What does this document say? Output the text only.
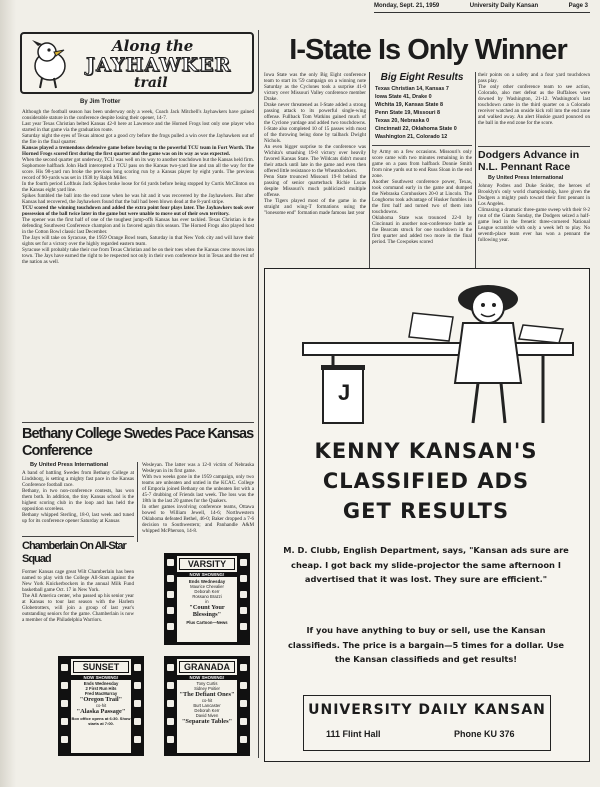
Monday, Sept. 21, 1959	University Daily Kansan	Page 3
Along the
JAYHAWKER
trail
By Jim Trotter

Although the football season has been underway only a week, Coach Jack Mitchell's Jayhawkers have gained considerable stature in the conference despite losing their opener, 14-7.

Last year Texas Christian belted Kansas 42-0 here at Lawrence and the Horned Frogs lost only one player who started in that game via the graduation route.

Saturday night the eyes of Texas almost got a good cry before the frogs pulled a win over the Jayhawkers out of the fire in the final quarter.

Kansas played a tremendous defensive game before bowing to the powerful TCU team in Fort Worth. The Horned Frogs scored first during the first quarter and the game was on its way as was expected.

When the second quarter got underway, TCU was well on its way to another touchdown but the Kansas held firm. Sophomore halfback John Hadl intercepted a TCU pass on the Kansas two-yard line and ran all the way for the score. His 98-yard run broke the previous long scoring run by a Kansas player by eight yards. The previous record of 90-yards was set in 1938 by Ralph Miller.

In the fourth period Lofthuis Jack Spikes broke loose for 64 yards before being stopped by Curtis McClinton on the Kansas eight yard line.

Spikes fumbled the ball into the end zone when he was hit and it was recovered by the Jayhawkers. But after Kansas had recovered, the Jayhawkers found that the ball had been blown dead at the 8-yard stripe.

TCU scored the winning touchdown and added the extra point four plays later. The Jayhawkers took over possession of the ball twice later in the game but were unable to move out of their own territory.

The opener was the first half of one of the toughest jump-offs Kansas has ever tackled. Texas Christian is the defending Southwest Conference champion and is favored again this season. The Horned Frogs also played host in the Cotton Bowl classic last December.

The Jays will take on Syracuse, the 1959 Orange Bowl team, Saturday in that New York city and will have their sights set for a victory over the highly regarded eastern team.

Syracuse will probably take their cue from Texas Christian and be on their toes when the Kansas crew moves into town. The Jays have earned the right to be respected not only in their own conference but in Texas and the rest of the nation as well.

Bethany College Swedes Pace Kansas Conference
By United Press International
A band of battling Swedes from Bethany College at Lindsborg, is setting a mighty fast pace in the Kansas Conference football race.
Bethany, in two non-conference contests, has won them both. In addition, the tiny Kansas school is the highest scoring club in the loop and has held the opposition scoreless.
Bethany whipped Sterling, 18-0, last week and tuned up for its conference opener Saturday at Kansas
Wesleyan. The latter was a 12-0 victim of Nebraska Wesleyan in its first game.
With two weeks gone in the 1959 campaign, only two teams are unbeaten and untied in the KCAC. College of Emporia joined Bethany on the unbeaten list with a 45-7 drubbing of Friends last week. The loss was the 18th in the last 20 games for the Quakers.
In other games involving conference teams, Ottawa bowed to William Jewell, 14-6; Northwestern Oklahoma defeated Bethel, 46-0; Baker dropped a 7-6 decision to Southwestern; and Panhandle A&M whipped McPherson, 14-8.
Chamberlain On All-Star Squad
Former Kansas cage great Wilt Chamberlain has been named to play with the College All-Stars against the New York Knickerbockers in the annual Milk Fund basketball game Oct. 17 in New York.
The All America center, who passed up his senior year at Kansas to tour last season with the Harlem Globetrotters, will join a group of last year's outstanding seniors for the game. Chamberlain is now a member of the Philadelphia Warriors.
VARSITY
NOW SHOWING!
Ends Wednesday
Maurice Chevalier
Deborah Kerr
Rossano Brazzi
in
"Count Your Blessings"
Plus Cartoon—News
SUNSET
NOW SHOWING!
Ends Wednesday
2 First Run Hits
Fred MacMurray
"Oregon Trail"
co-hit
"Alaska Passage"
Box office opens at 6:30. Show starts at 7:00.
GRANADA
NOW SHOWING!
Tony Curtis
Sidney Poitier
"The Defiant Ones"
co-hit
Burt Lancaster
Deborah Kerr
David Niven
"Separate Tables"
I-State Is Only Winner
Iowa State was the only Big Eight conference team to start its '59 campaign on a winning note Saturday as the Cyclones took a surprise 41-0 victory over Missouri Valley conference member Drake.
Drake never threatened as I-State added a strong passing attack to its powerful single-wing offense. Fullback Tom Watkins gained much of the Cyclone yardage and added two touchdowns. I-State also completed 10 of 15 passes with most of the throwing being done by tailback Dwight Nichols.
An even bigger surprise to the conference was Wichita's smashing 19-8 victory over heavily favored Kansas State. The Wildcats didn't mount their attack until late in the game and even then offered little resistance to the Wheatshockers.
Penn State trounced Missouri 19-8 behind the passing of senior quarterback Richie Lucas despite Missouri's much publicized multiple offense.
The Tigers played most of the game in the straight and wing-T formations using the "lonesome end" formation made famous last year
Big Eight Results
Texas Christian 14, Kansas 7
Iowa State 41, Drake 0
Wichita 19, Kansas State 8
Penn State 19, Missouri 8
Texas 20, Nebraska 0
Cincinnati 22, Oklahoma State 0
Washington 21, Colorado 12
by Army on a few occasions. Missouri's only score came with two minutes remaining in the game on a pass from halfback Donnie Smith from nine yards out to end Russ Sloan in the end zone.
Another Southwest conference power, Texas, took command early in the game and dumped the Nebraska Cornhuskers 20-0 at Lincoln. The Longhorns took advantage of Husker fumbles in the first half and turned two of them into touchdowns.
Oklahoma State was trounced 22-0 by Cincinnati in another non-conference battle as the Bearcats struck for one touchdown in the first quarter and added two more in the final period. The Cowpokes scored
their points on a safety and a four yard touchdown pass play.
The only other conference team to see action, Colorado, also met defeat as the Buffaloes were downed by Washington, 21-12. Washington's last touchdown came in the third quarter on a Colorado receiver watched an onside kick roll into the end zone and walked away. An alert Huskie guard pounced on the ball in the end zone for the score.
Dodgers Advance in N.L. Pennant Race
By United Press International
Johnny Podres and Duke Snider, the heroes of Brooklyn's only world championship, have given the Dodgers a mighty push toward their first pennant in Los Angeles.
Climaxing a dramatic three-game sweep with their 8-2 rout of the Giants Sunday, the Dodgers seized a half-game lead in the frenetic three-cornered National League scramble with only a week left to play. No seventh-place team ever has won a pennant the following year.
J
KENNY KANSAN'S
CLASSIFIED ADS
GET RESULTS
M. D. Clubb, English Department, says, "Kansan ads sure are cheap. I got back my slide-projector the same afternoon I advertised that it was lost. They sure are efficient."
If you have anything to buy or sell, use the Kansan classifieds. The price is a bargain—5 times for a dollar. Use the Kansan classifieds and get results!
UNIVERSITY DAILY KANSAN
111 Flint Hall	Phone KU 376
